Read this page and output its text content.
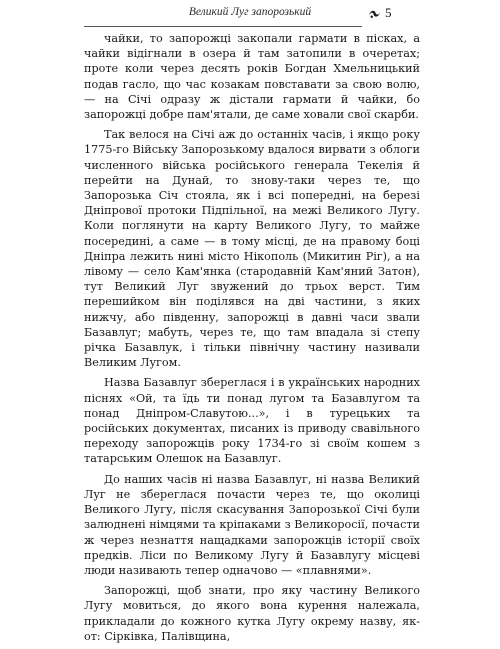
Великий Луг запорозький	5

чайки, то запорожці закопали гармати в пісках, а чайки відігнали в озера й там затопили в очеретах; проте коли через десять років Богдан Хмельницький подав гасло, що час козакам повставати за свою волю, — на Січі одразу ж дістали гармати й чайки, бо запорожці добре пам'ятали, де саме ховали свої скарби.

Так велося на Січі аж до останніх часів, і якщо року 1775-го Війську Запорозькому вдалося вирвати з облоги численного війська російського генерала Текелія й перейти на Дунай, то знову-таки через те, що Запорозька Січ стояла, як і всі попередні, на березі Дніпрової протоки Підпільної, на межі Великого Лугу. Коли поглянути на карту Великого Лугу, то майже посередині, а саме — в тому місці, де на правому боці Дніпра лежить нині місто Нікополь (Микитин Ріг), а на лівому — село Кам'янка (стародавній Кам'яний Затон), тут Великий Луг звужений до трьох верст. Тим перешийком він поділявся на дві частини, з яких нижчу, або південну, запорожці в давні часи звали Базавлуг; мабуть, через те, що там впадала зі степу річка Базавлук, і тільки північну частину називали Великим Лугом.

Назва Базавлуг збереглася і в українських народних піснях «Ой, та їдь ти понад лугом та Базавлугом та понад Дніпром-Славутою...», і в турецьких та російських документах, писаних із приводу свавільного переходу запорожців року 1734-го зі своїм кошем з татарським Олешок на Базавлуг.

До наших часів ні назва Базавлуг, ні назва Великий Луг не збереглася почасти через те, що околиці Великого Лугу, після скасування Запорозької Січі були залюднені німцями та кріпаками з Великоросії, почасти ж через незнаття нащадками запорожців історії своїх предків. Ліси по Великому Лугу й Базавлугу місцеві люди називають тепер одначово — «плавнями».

Запорожці, щоб знати, про яку частину Великого Лугу мовиться, до якого вона курення належала, прикладали до кожного кутка Лугу окрему назву, як-от: Сірківка, Палівщина,
